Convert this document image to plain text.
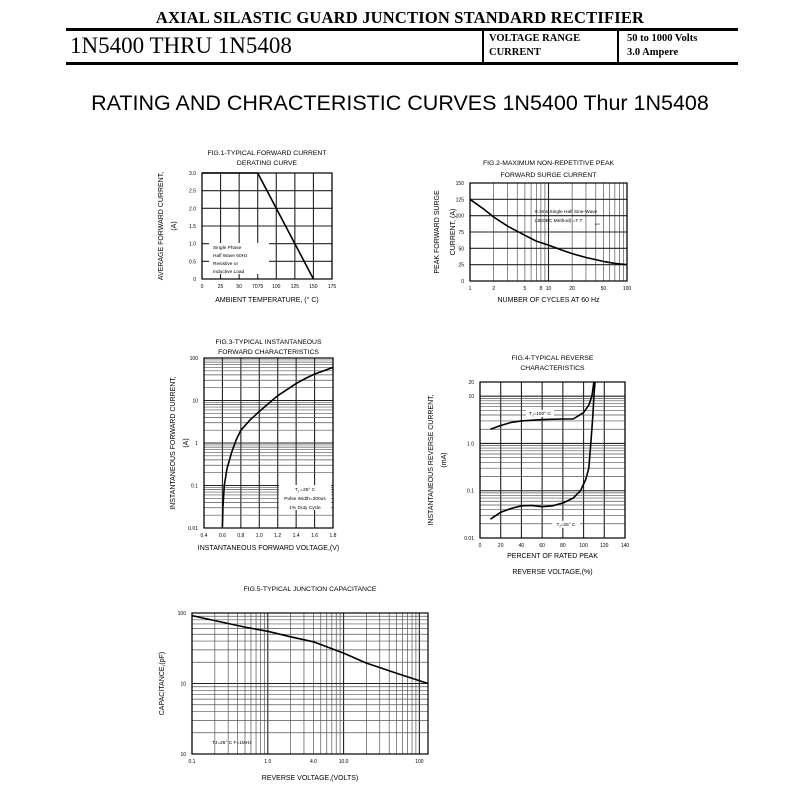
AXIAL SILASTIC GUARD JUNCTION STANDARD RECTIFIER
1N5400 THRU 1N5408	VOLTAGE RANGE	50 to 1000 Volts
CURRENT	3.0 Ampere
RATING AND CHRACTERISTIC CURVES 1N5400 Thur 1N5408
FIG.1-TYPICAL FORWARD CURRENT
DERATING CURVE
Single Phase
Half Wave 60Hz
Resistive or
Inductive Load
0	25	50 7075 100 125 150 175
0
0.5
1.0
1.5
2.0
2.5
3.0
AMBIENT TEMPERATURE, (° C)
AVERAGE FORWARD CURRENT, (A)
FIG.2-MAXIMUM NON-REPETITIVE PEAK
FORWARD SURGE CURRENT
8.3ms Single Half Sine-Wave
(JEDEC Method) =T T	prm
1	2	5	8 10	20	50	100
0
25
50
75
100
125
150
NUMBER OF CYCLES AT 60 Hz
PEAK FORWARD SURGE CURRENT, (A)
FIG.3-TYPICAL INSTANTANEOUS
FORWARD CHARACTERISTICS
T⁁ =25° C
Pulse Width=300us
1% Duty Cycle
0.4 0.6 0.8 1.0 1.2 1.4 1.6 1.8
0.01
0.1
1
10
100
INSTANTANEOUS FORWARD VOLTAGE,(V)
INSTANTANEOUS FORWARD CURRENT, (A)
FIG.4-TYPICAL REVERSE
CHARACTERISTICS
0	20	40	60	80	100 120 140
0.01
0.1
1.0
10
20
PERCENT OF RATED PEAK
REVERSE VOLTAGE,(%)
INSTANTANEOUS REVERSE CURRENT, (mA)
T⁁=100° C
T⁁=25° C
FIG.5-TYPICAL JUNCTION CAPACITANCE
TJ=25° C F=1MHz
0.1	1.0	4.0	10.0	100
10
10
100
REVERSE VOLTAGE,(VOLTS)
CAPACITANCE,(pF)
